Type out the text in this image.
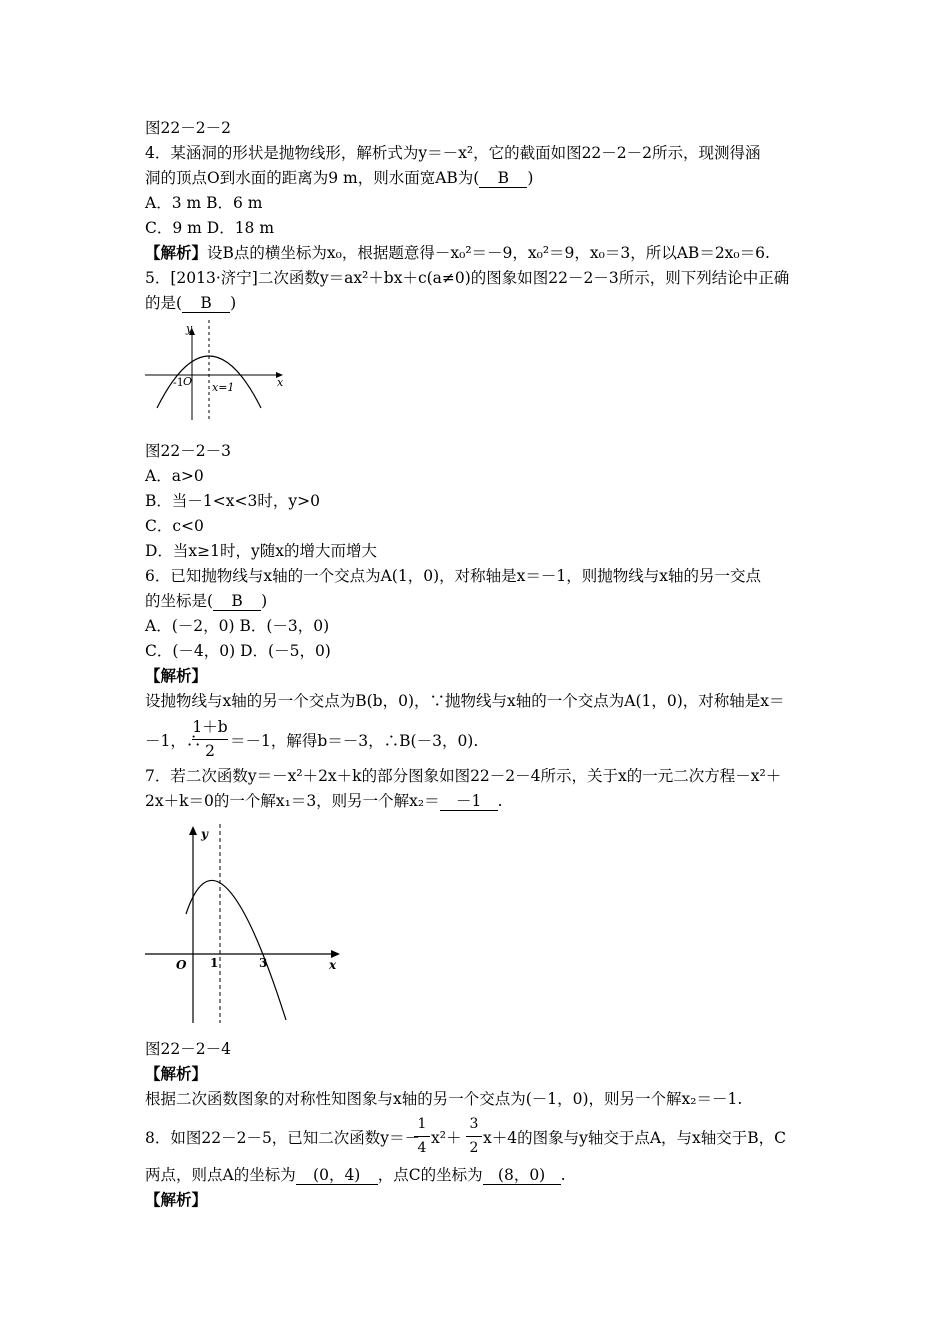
图22－2－2
4．某涵洞的形状是抛物线形，解析式为y＝－x²，它的截面如图22－2－2所示，现测得涵
洞的顶点O到水面的距离为9 m，则水面宽AB为( B )
A．3 m B．6 m
C．9 m D．18 m
【解析】设B点的横坐标为x₀，根据题意得－x₀²＝－9，x₀²＝9，x₀＝3，所以AB＝2x₀＝6.
5．[2013·济宁]二次函数y＝ax²＋bx＋c(a≠0)的图象如图22－2－3所示，则下列结论中正确
的是( B )
y
x
-1 O x=1
图22－2－3
A．a>0
B．当－1<x<3时，y>0
C．c<0
D．当x≥1时，y随x的增大而增大
6．已知抛物线与x轴的一个交点为A(1，0)，对称轴是x＝－1，则抛物线与x轴的另一交点
的坐标是( B )
A．(－2，0) B．(－3，0)
C．(－4，0) D．(－5，0)
【解析】
设抛物线与x轴的另一个交点为B(b，0)，∵抛物线与x轴的一个交点为A(1，0)，对称轴是x＝
－1，∴
1＋b
2
＝－1，解得b＝－3，∴B(－3，0).
7．若二次函数y＝－x²＋2x＋k的部分图象如图22－2－4所示，关于x的一元二次方程－x²＋
2x＋k＝0的一个解x₁＝3，则另一个解x₂＝ －1 .
y
x
O 1	3
图22－2－4
【解析】
根据二次函数图象的对称性知图象与x轴的另一个交点为(－1，0)，则另一个解x₂＝－1.
8．如图22－2－5，已知二次函数y＝－
1
4
x²＋
3
2
x＋4的图象与y轴交于点A，与x轴交于B，C
两点，则点A的坐标为 (0，4) ，点C的坐标为 (8，0) .
【解析】
